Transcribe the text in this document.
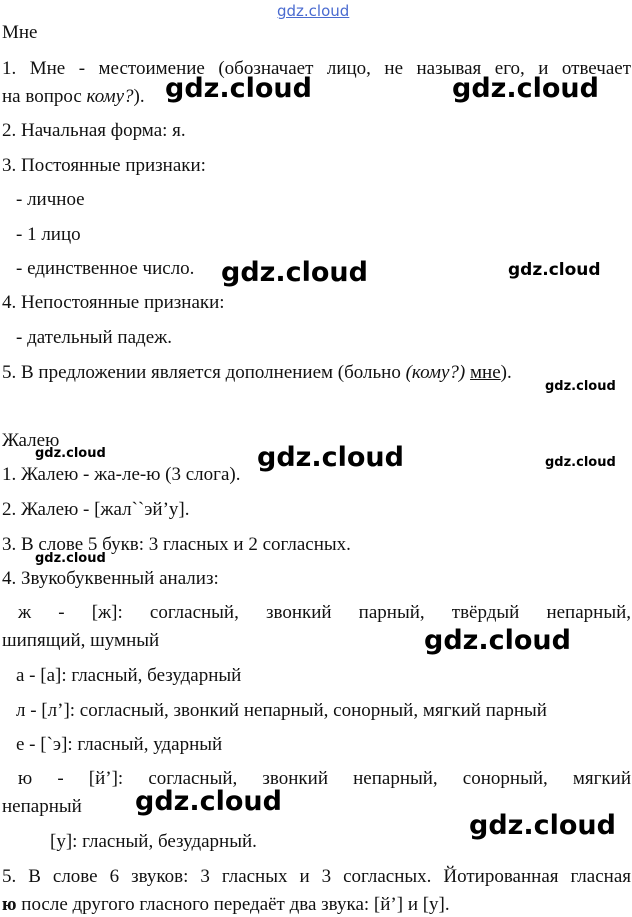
gdz.cloud
Мне
1. Мне - местоимение (обозначает лицо, не называя его, и отвечает
на вопрос кому?).
2. Начальная форма: я.
3. Постоянные признаки:
- личное
- 1 лицо
- единственное число.
4. Непостоянные признаки:
- дательный падеж.
5. В предложении является дополнением (больно (кому?) мне).
Жалею
1. Жалею - жа-ле-ю (3 слога).
2. Жалею - [жал``эй’у].
3. В слове 5 букв: 3 гласных и 2 согласных.
4. Звукобуквенный анализ:
ж - [ж]: согласный, звонкий парный, твёрдый непарный,
шипящий, шумный
а - [а]: гласный, безударный
л - [л’]: согласный, звонкий непарный, сонорный, мягкий парный
е - [`э]: гласный, ударный
ю - [й’]: согласный, звонкий непарный, сонорный, мягкий
непарный
[у]: гласный, безударный.
5. В слове 6 звуков: 3 гласных и 3 согласных. Йотированная гласная
ю после другого гласного передаёт два звука: [й’] и [у].
gdz.cloud	gdz.cloud
gdz.cloud	gdz.cloud
gdz.cloud
gdz.cloud	gdz.cloud	gdz.cloud
gdz.cloud
gdz.cloud
gdz.cloud
gdz.cloud
